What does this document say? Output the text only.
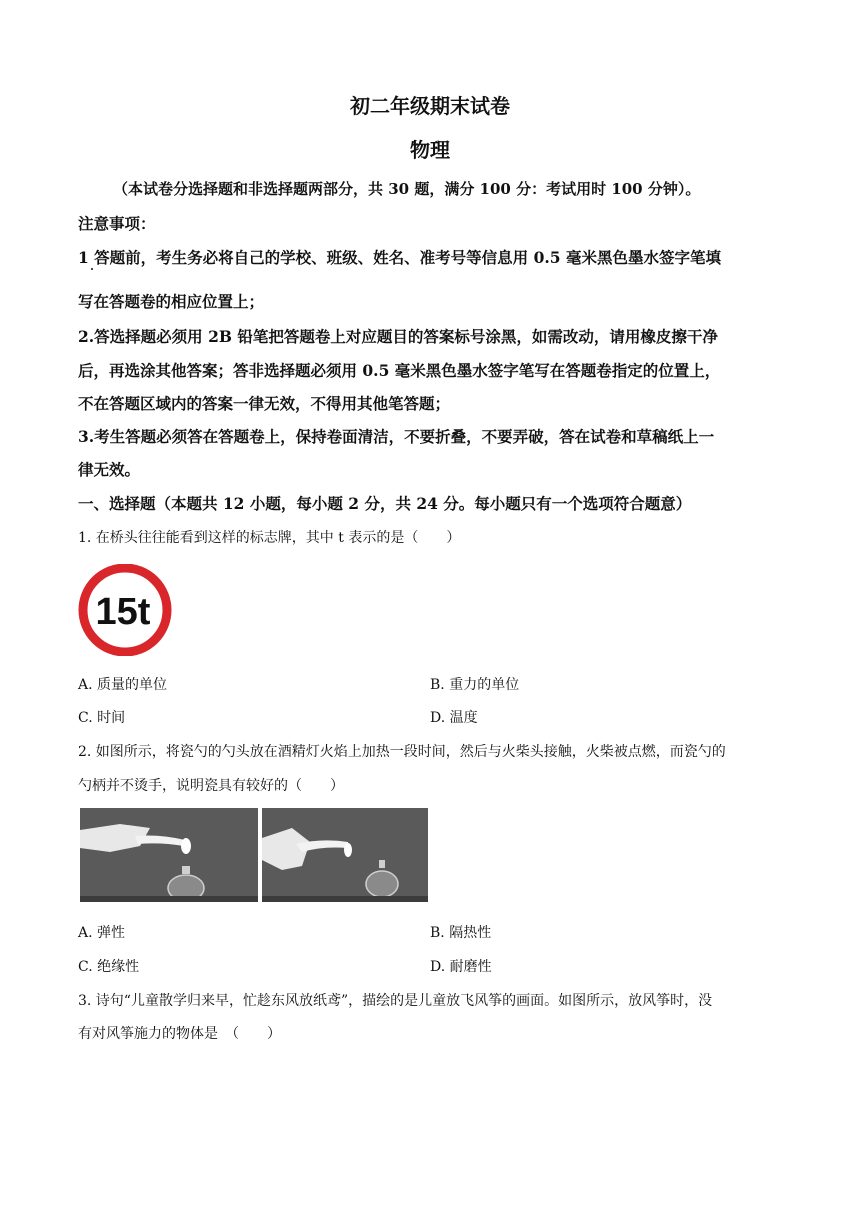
初二年级期末试卷
物理
（本试卷分选择题和非选择题两部分，共 30 题，满分 100 分：考试用时 100 分钟）。
注意事项：
1 答题前，考生务必将自己的学校、班级、姓名、准考号等信息用 0.5 毫米黑色墨水签字笔填
写在答题卷的相应位置上；
2.答选择题必须用 2B 铅笔把答题卷上对应题目的答案标号涂黑，如需改动，请用橡皮擦干净
后，再选涂其他答案；答非选择题必须用 0.5 毫米黑色墨水签字笔写在答题卷指定的位置上，
不在答题区域内的答案一律无效，不得用其他笔答题；
3.考生答题必须答在答题卷上，保持卷面清洁，不要折叠，不要弄破，答在试卷和草稿纸上一
律无效。
一、选择题（本题共 12 小题，每小题 2 分，共 24 分。每小题只有一个选项符合题意）
1. 在桥头往往能看到这样的标志牌，其中 t 表示的是（　　）
15t
A. 质量的单位	B. 重力的单位
C. 时间	D. 温度
2. 如图所示，将瓷勺的勺头放在酒精灯火焰上加热一段时间，然后与火柴头接触，火柴被点燃，而瓷勺的
勺柄并不烫手，说明瓷具有较好的（　　）
A. 弹性	B. 隔热性
C. 绝缘性	D. 耐磨性
3. 诗句“儿童散学归来早，忙趁东风放纸鸢”，描绘的是儿童放飞风筝的画面。如图所示，放风筝时，没
有对风筝施力的物体是　（　　）
